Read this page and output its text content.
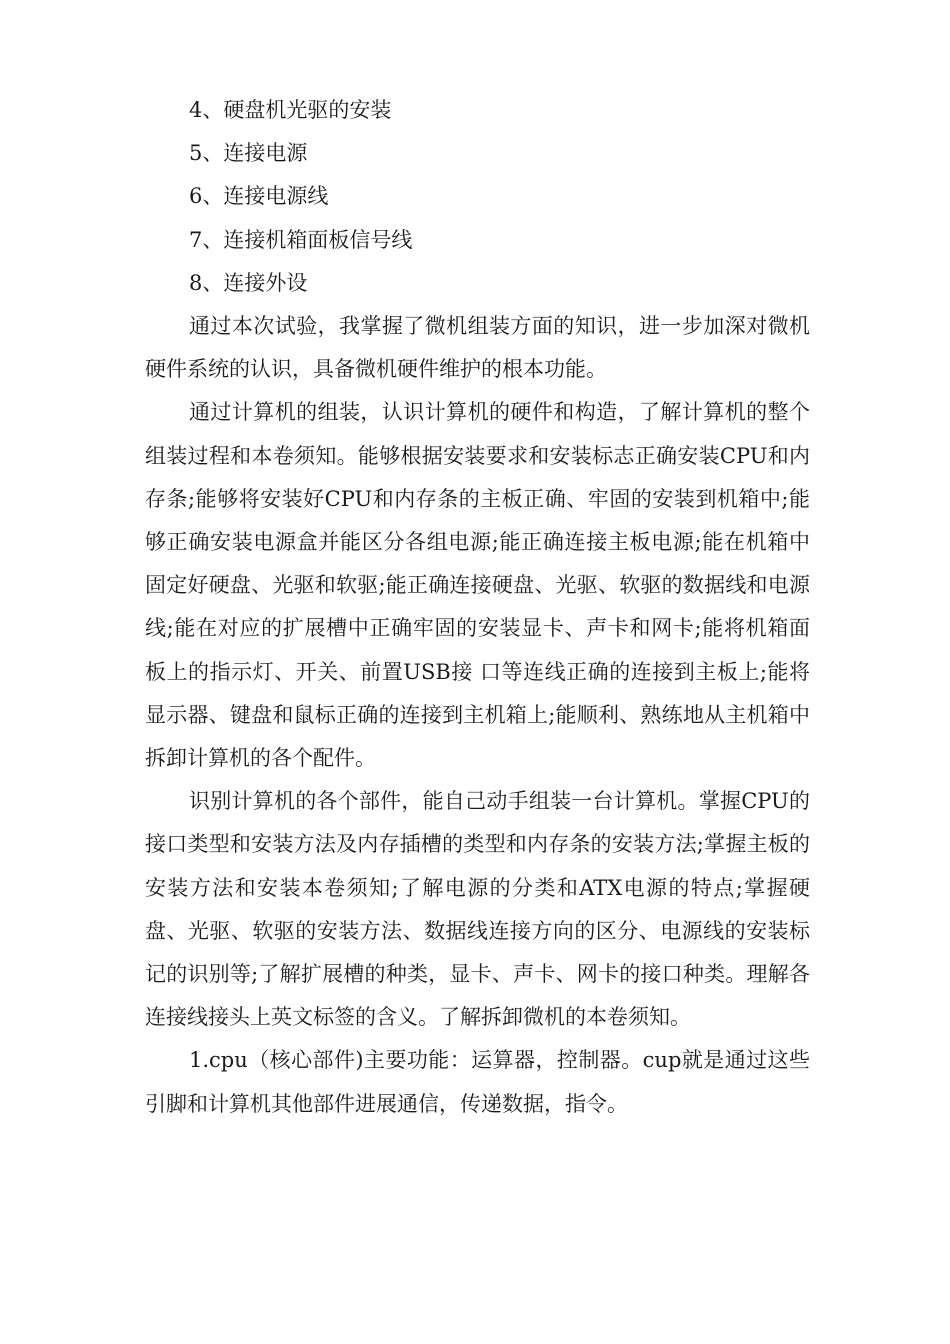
4、硬盘机光驱的安装

5、连接电源

6、连接电源线

7、连接机箱面板信号线

8、连接外设

通过本次试验，我掌握了微机组装方面的知识，进一步加深对微机硬件系统的认识，具备微机硬件维护的根本功能。

通过计算机的组装，认识计算机的硬件和构造，了解计算机的整个组装过程和本卷须知。能够根据安装要求和安装标志正确安装CPU和内存条;能够将安装好CPU和内存条的主板正确、牢固的安装到机箱中;能够正确安装电源盒并能区分各组电源;能正确连接主板电源;能在机箱中固定好硬盘、光驱和软驱;能正确连接硬盘、光驱、软驱的数据线和电源线;能在对应的扩展槽中正确牢固的安装显卡、声卡和网卡;能将机箱面板上的指示灯、开关、前置USB接 口等连线正确的连接到主板上;能将显示器、键盘和鼠标正确的连接到主机箱上;能顺利、熟练地从主机箱中拆卸计算机的各个配件。

识别计算机的各个部件，能自己动手组装一台计算机。掌握CPU的接口类型和安装方法及内存插槽的类型和内存条的安装方法;掌握主板的安装方法和安装本卷须知;了解电源的分类和ATX电源的特点;掌握硬盘、光驱、软驱的安装方法、数据线连接方向的区分、电源线的安装标记的识别等;了解扩展槽的种类，显卡、声卡、网卡的接口种类。理解各连接线接头上英文标签的含义。了解拆卸微机的本卷须知。

1.cpu（核心部件)主要功能：运算器，控制器。cup就是通过这些引脚和计算机其他部件进展通信，传递数据，指令。
